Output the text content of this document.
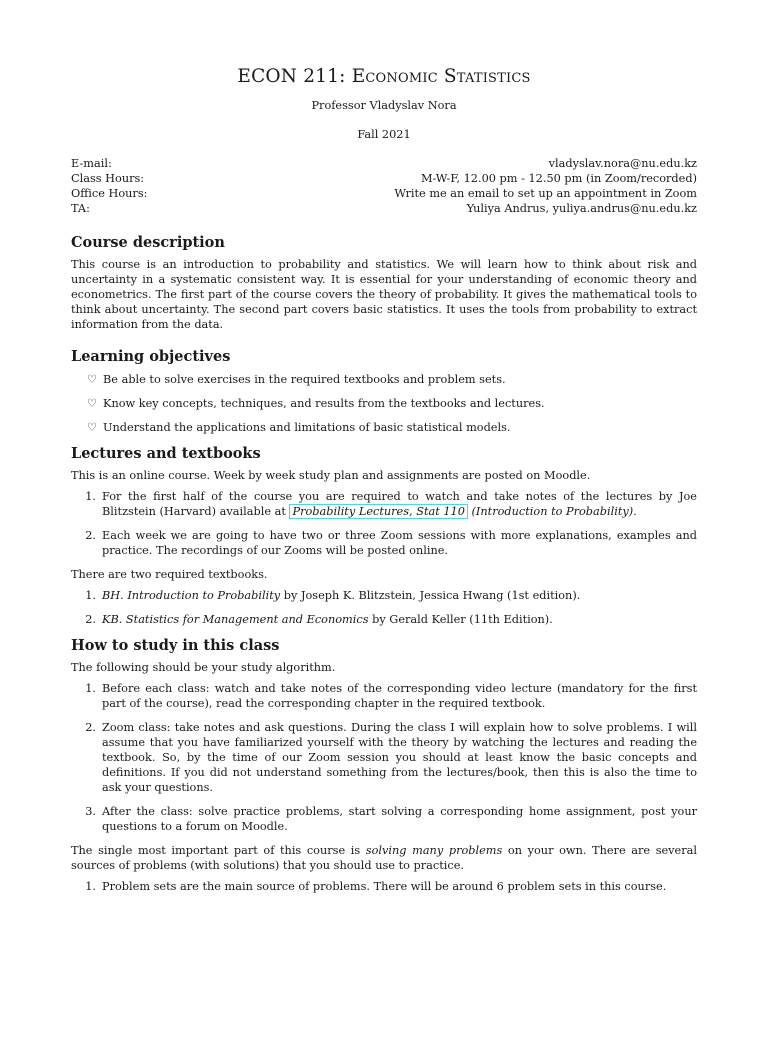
ECON 211: Economic Statistics
Professor Vladyslav Nora
Fall 2021
E-mail:	vladyslav.nora@nu.edu.kz
Class Hours:	M-W-F, 12.00 pm - 12.50 pm (in Zoom/recorded)
Office Hours:	Write me an email to set up an appointment in Zoom
TA:	Yuliya Andrus, yuliya.andrus@nu.edu.kz
Course description

This course is an introduction to probability and statistics. We will learn how to think about risk and uncertainty in a systematic consistent way. It is essential for your understanding of economic theory and econometrics. The first part of the course covers the theory of probability. It gives the mathematical tools to think about uncertainty. The second part covers basic statistics. It uses the tools from probability to extract information from the data.

Learning objectives
♡ Be able to solve exercises in the required textbooks and problem sets.
♡ Know key concepts, techniques, and results from the textbooks and lectures.
♡ Understand the applications and limitations of basic statistical models.
Lectures and textbooks

This is an online course. Week by week study plan and assignments are posted on Moodle.

1. For the first half of the course you are required to watch and take notes of the lectures by Joe Blitzstein (Harvard) available at Probability Lectures, Stat 110 (Introduction to Probability).
2. Each week we are going to have two or three Zoom sessions with more explanations, examples and practice. The recordings of our Zooms will be posted online.

There are two required textbooks.

1. BH. Introduction to Probability by Joseph K. Blitzstein, Jessica Hwang (1st edition).
2. KB. Statistics for Management and Economics by Gerald Keller (11th Edition).
How to study in this class

The following should be your study algorithm.

1. Before each class: watch and take notes of the corresponding video lecture (mandatory for the first part of the course), read the corresponding chapter in the required textbook.
2. Zoom class: take notes and ask questions. During the class I will explain how to solve problems. I will assume that you have familiarized yourself with the theory by watching the lectures and reading the textbook. So, by the time of our Zoom session you should at least know the basic concepts and definitions. If you did not understand something from the lectures/book, then this is also the time to ask your questions.
3. After the class: solve practice problems, start solving a corresponding home assignment, post your questions to a forum on Moodle.

The single most important part of this course is solving many problems on your own. There are several sources of problems (with solutions) that you should use to practice.

1. Problem sets are the main source of problems. There will be around 6 problem sets in this course.
